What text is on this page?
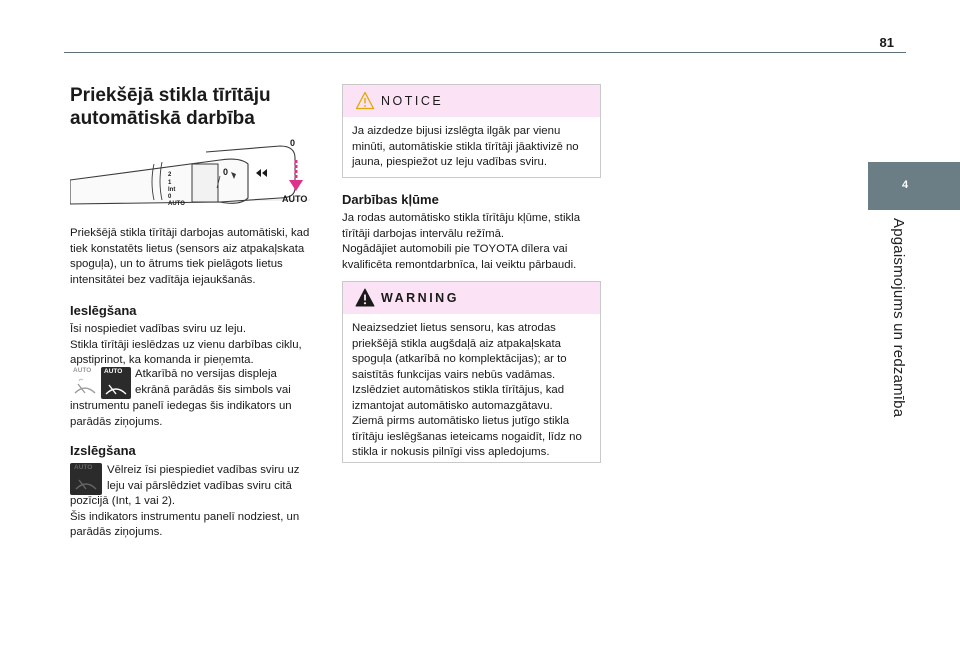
81
4
Apgaismojums un redzamība
Priekšējā stikla tīrītāju
automātiskā darbība
2
1
Int
0
AUTO
0
0
AUTO

Priekšējā stikla tīrītāji darbojas automātiski, kad

tiek konstatēts lietus (sensors aiz atpakaļskata

spoguļa), un to ātrums tiek pielāgots lietus

intensitātei bez vadītāja iejaukšanās.

Ieslēgšana

Īsi nospiediet vadības sviru uz leju.

Stikla tīrītāji ieslēdzas uz vienu darbības ciklu,

apstiprinot, ka komanda ir pieņemta.

AUTO AUTO Atkarībā no versijas displeja

ekrānā parādās šis simbols vai

instrumentu panelī iedegas šis indikators un

parādās ziņojums.

Izslēgšana
AUTO Vēlreiz īsi piespiediet vadības sviru uz

leju vai pārslēdziet vadības sviru citā

pozīcijā (Int, 1 vai 2).

Šis indikators instrumentu panelī nodziest, un

parādās ziņojums.

NOTICE

Ja aizdedze bijusi izslēgta ilgāk par vienu

minūti, automātiskie stikla tīrītāji jāaktivizē no

jauna, piespiežot uz leju vadības sviru.

Darbības kļūme

Ja rodas automātisko stikla tīrītāju kļūme, stikla

tīrītāji darbojas intervālu režīmā.

Nogādājiet automobili pie TOYOTA dīlera vai

kvalificēta remontdarbnīca, lai veiktu pārbaudi.

WARNING

Neaizsedziet lietus sensoru, kas atrodas

priekšējā stikla augšdaļā aiz atpakaļskata

spoguļa (atkarībā no komplektācijas); ar to

saistītās funkcijas vairs nebūs vadāmas.

Izslēdziet automātiskos stikla tīrītājus, kad

izmantojat automātisko automazgātavu.

Ziemā pirms automātisko lietus jutīgo stikla

tīrītāju ieslēgšanas ieteicams nogaidīt, līdz no

stikla ir nokusis pilnīgi viss apledojums.
